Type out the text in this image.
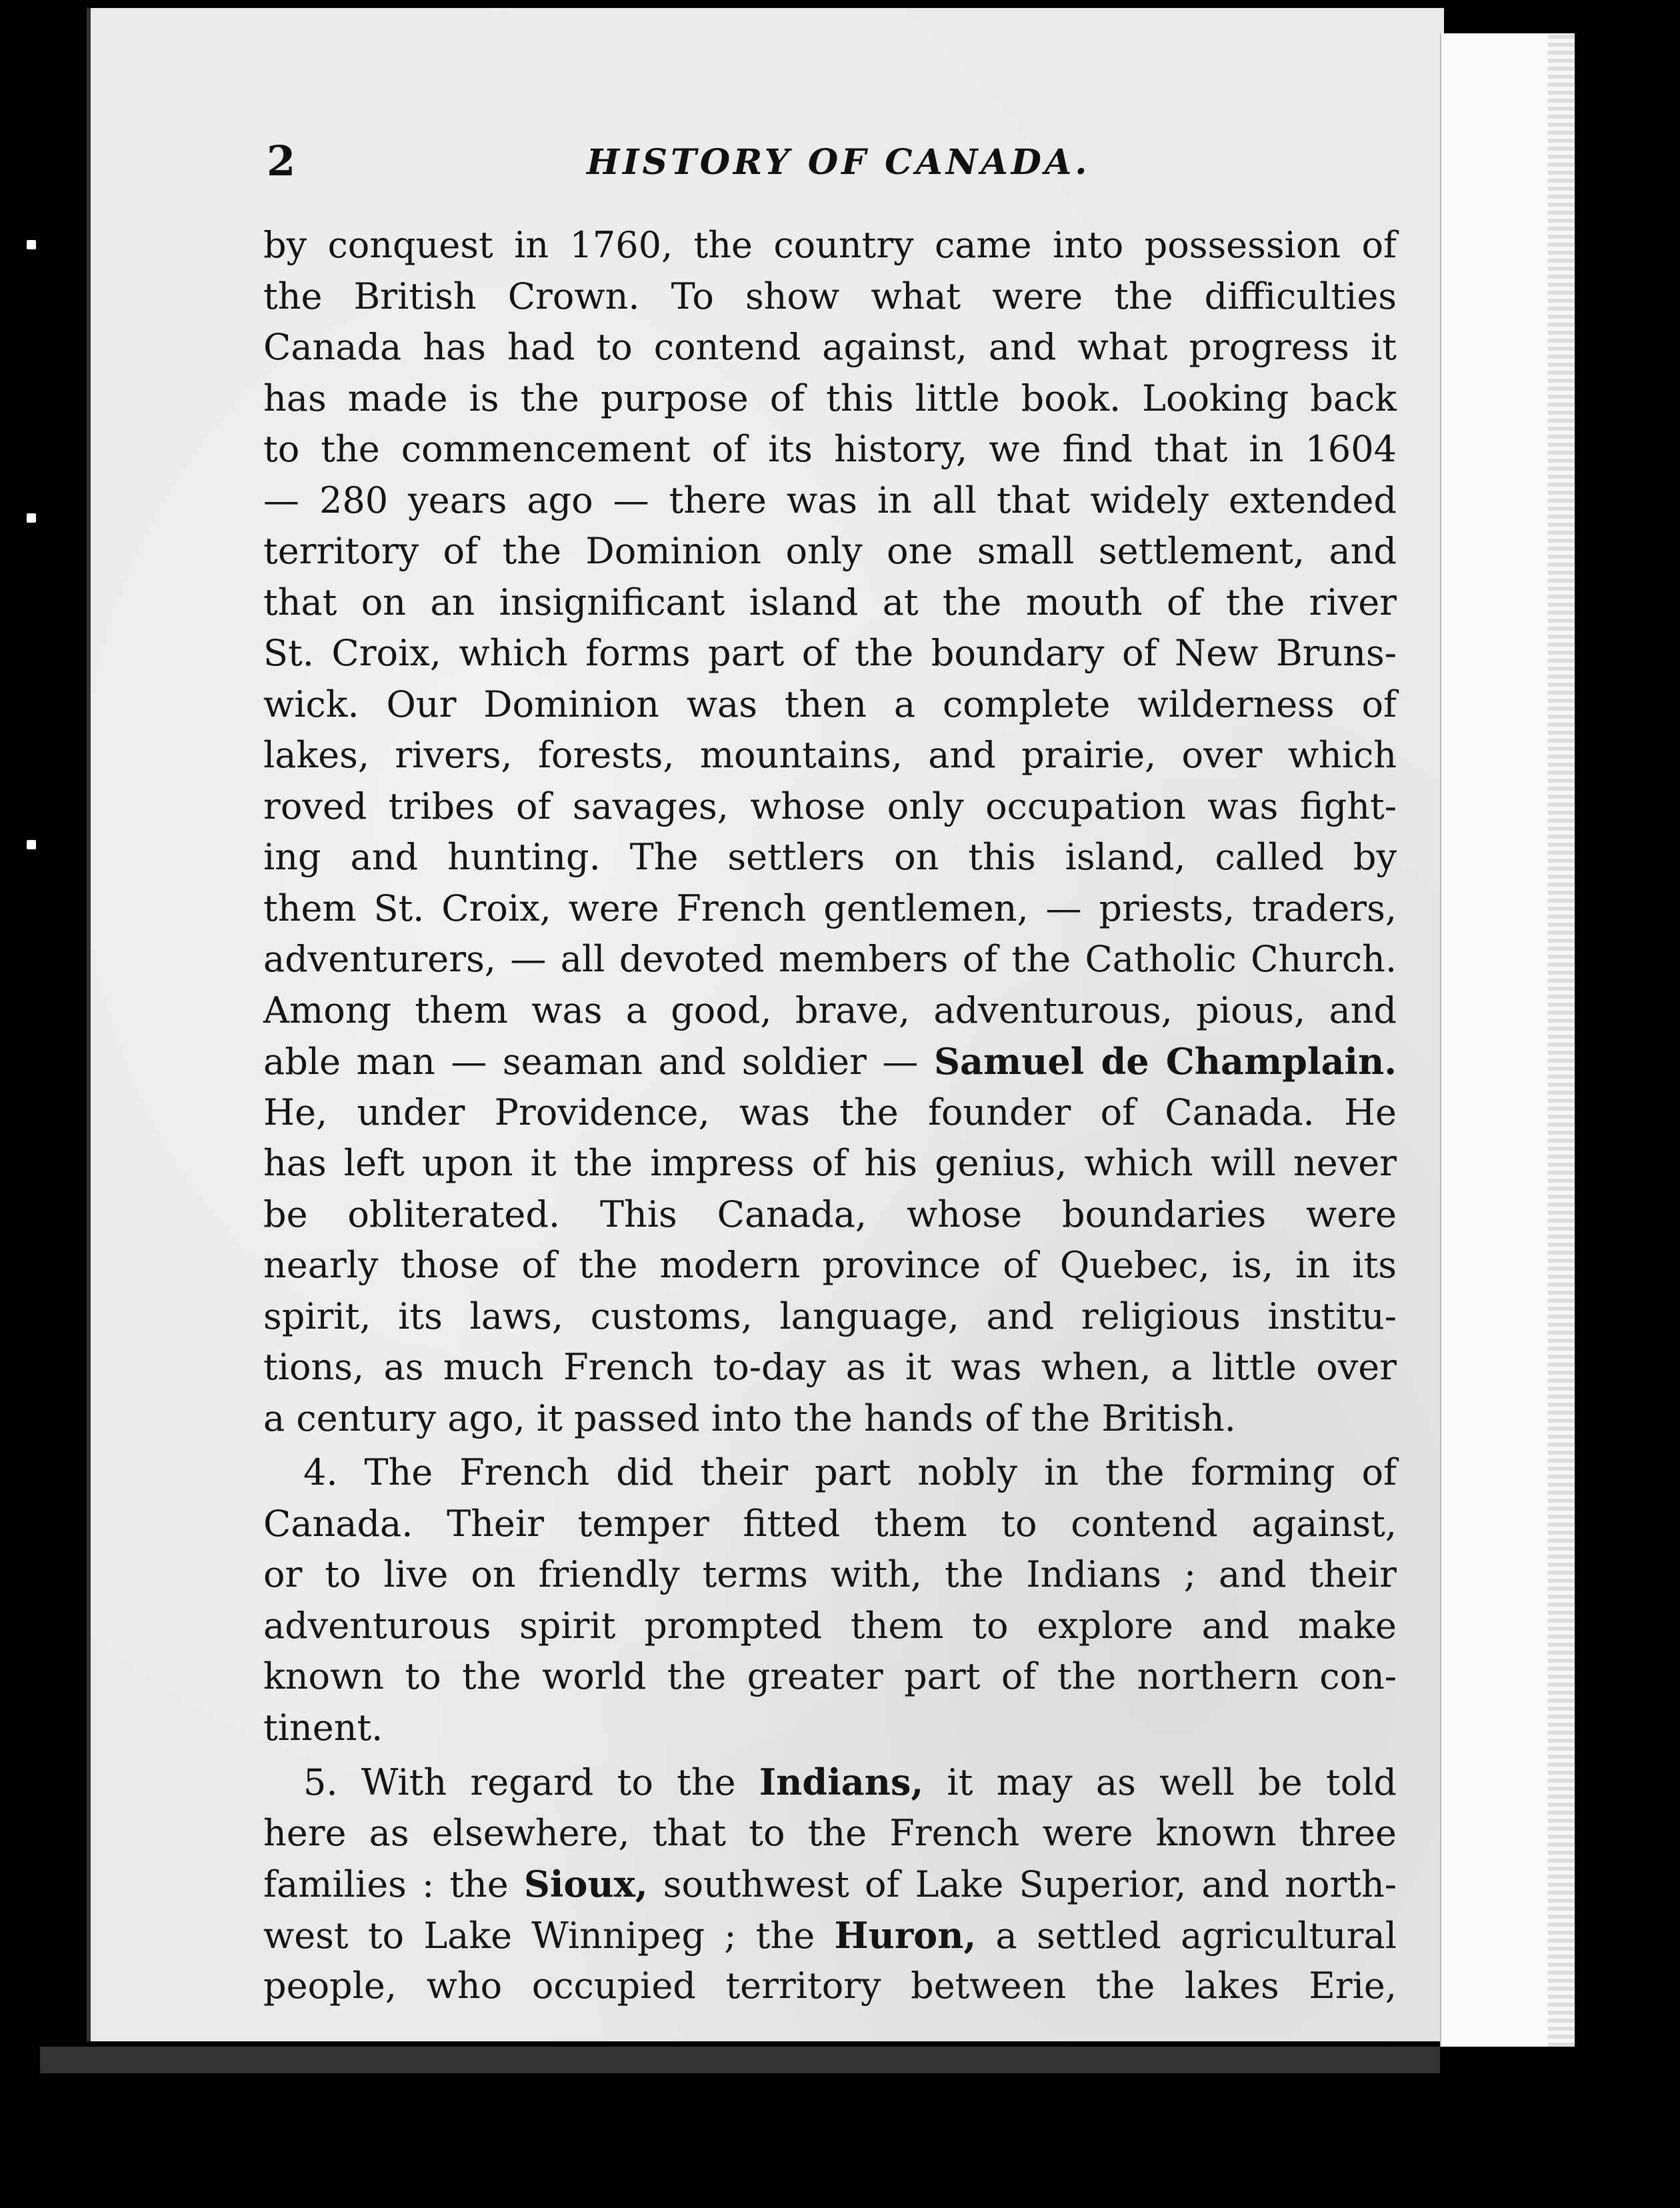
2	HISTORY OF CANADA.
by conquest in 1760, the country came into possession of
the British Crown. To show what were the difficulties
Canada has had to contend against, and what progress it
has made is the purpose of this little book. Looking back
to the commencement of its history, we find that in 1604
— 280 years ago — there was in all that widely extended
territory of the Dominion only one small settlement, and
that on an insignificant island at the mouth of the river
St. Croix, which forms part of the boundary of New Bruns-
wick. Our Dominion was then a complete wilderness of
lakes, rivers, forests, mountains, and prairie, over which
roved tribes of savages, whose only occupation was fight-
ing and hunting. The settlers on this island, called by
them St. Croix, were French gentlemen, — priests, traders,
adventurers, — all devoted members of the Catholic Church.
Among them was a good, brave, adventurous, pious, and
able man — seaman and soldier — Samuel de Champlain.
He, under Providence, was the founder of Canada. He
has left upon it the impress of his genius, which will never
be obliterated. This Canada, whose boundaries were
nearly those of the modern province of Quebec, is, in its
spirit, its laws, customs, language, and religious institu-
tions, as much French to-day as it was when, a little over
a century ago, it passed into the hands of the British.
4. The French did their part nobly in the forming of
Canada. Their temper fitted them to contend against,
or to live on friendly terms with, the Indians ; and their
adventurous spirit prompted them to explore and make
known to the world the greater part of the northern con-
tinent.
5. With regard to the Indians, it may as well be told
here as elsewhere, that to the French were known three
families : the Sioux, southwest of Lake Superior, and north-
west to Lake Winnipeg ; the Huron, a settled agricultural
people, who occupied territory between the lakes Erie,
